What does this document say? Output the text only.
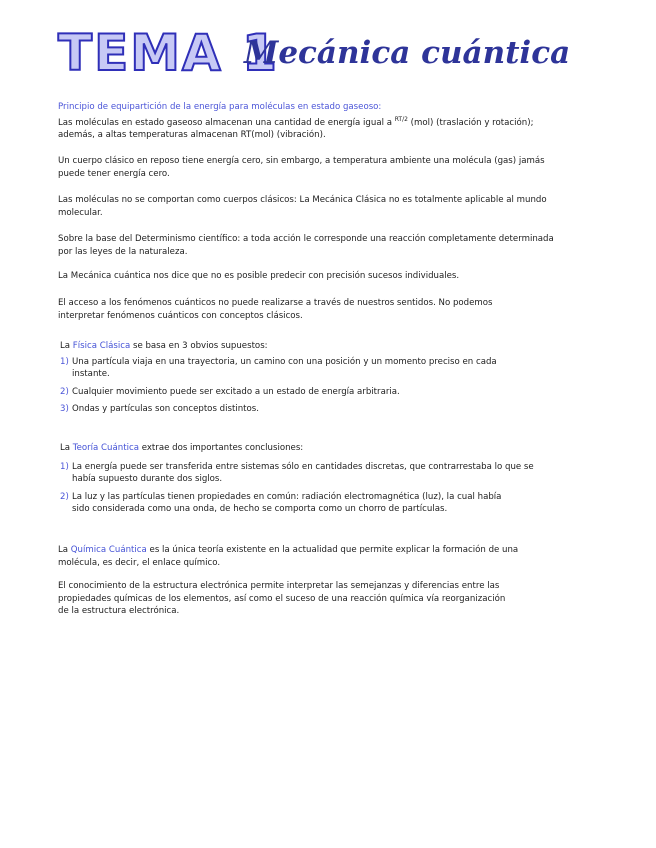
TEMA 1
Mecánica cuántica
Principio de equipartición de la energía para moléculas en estado gaseoso:
Las moléculas en estado gaseoso almacenan una cantidad de energía igual a $^{RT/2}$ (mol) (traslación y rotación);
además, a altas temperaturas almacenan RT(mol) (vibración).
Un cuerpo clásico en reposo tiene energía cero, sin embargo, a temperatura ambiente una molécula (gas) jamás
puede tener energía cero.
Las moléculas no se comportan como cuerpos clásicos: La Mecánica Clásica no es totalmente aplicable al mundo
molecular.
Sobre la base del Determinismo científico: a toda acción le corresponde una reacción completamente determinada
por las leyes de la naturaleza.
La Mecánica cuántica nos dice que no es posible predecir con precisión sucesos individuales.
El acceso a los fenómenos cuánticos no puede realizarse a través de nuestros sentidos. No podemos
interpretar fenómenos cuánticos con conceptos clásicos.
La Física Clásica se basa en 3 obvios supuestos:
1) Una partícula viaja en una trayectoria, un camino con una posición y un momento preciso en cada
instante.
2) Cualquier movimiento puede ser excitado a un estado de energía arbitraria.
3) Ondas y partículas son conceptos distintos.
La Teoría Cuántica extrae dos importantes conclusiones:
1) La energía puede ser transferida entre sistemas sólo en cantidades discretas, que contrarrestaba lo que se
había supuesto durante dos siglos.
2) La luz y las partículas tienen propiedades en común: radiación electromagnética (luz), la cual había
sido considerada como una onda, de hecho se comporta como un chorro de partículas.
La Química Cuántica es la única teoría existente en la actualidad que permite explicar la formación de una
molécula, es decir, el enlace químico.
El conocimiento de la estructura electrónica permite interpretar las semejanzas y diferencias entre las
propiedades químicas de los elementos, así como el suceso de una reacción química vía reorganización
de la estructura electrónica.
